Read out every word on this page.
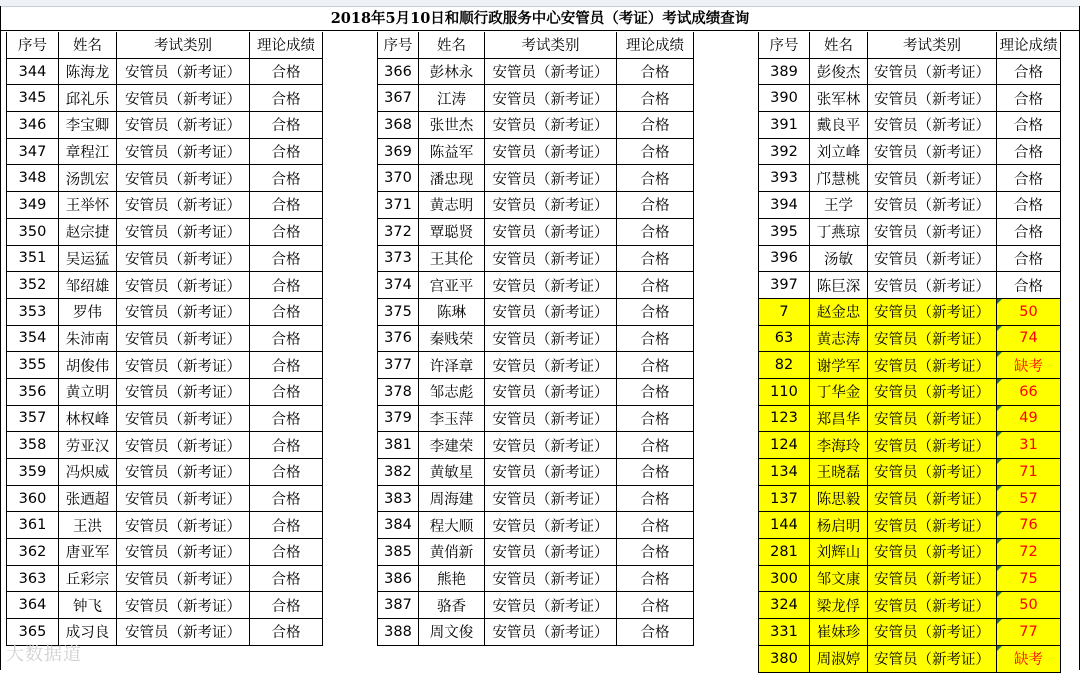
2018年5月10日和顺行政服务中心安管员（考证）考试成绩查询
序号	姓名	考试类别	理论成绩
344 陈海龙 安管员（新考证） 合格
345 邱礼乐 安管员（新考证） 合格
346 李宝卿 安管员（新考证） 合格
347 章程江 安管员（新考证） 合格
348 汤凯宏 安管员（新考证） 合格
349 王举怀 安管员（新考证） 合格
350 赵宗捷 安管员（新考证） 合格
351 吴运猛 安管员（新考证） 合格
352 邹绍雄 安管员（新考证） 合格
353 罗伟 安管员（新考证） 合格
354 朱沛南 安管员（新考证） 合格
355 胡俊伟 安管员（新考证） 合格
356 黄立明 安管员（新考证） 合格
357 林权峰 安管员（新考证） 合格
358 劳亚汉 安管员（新考证） 合格
359 冯炽威 安管员（新考证） 合格
360 张迺超 安管员（新考证） 合格
361 王洪 安管员（新考证） 合格
362 唐亚军 安管员（新考证） 合格
363 丘彩宗 安管员（新考证） 合格
364 钟飞 安管员（新考证） 合格
365 成习良 安管员（新考证） 合格
序号	姓名	考试类别	理论成绩
366 彭林永 安管员（新考证） 合格
367 江涛 安管员（新考证） 合格
368 张世杰 安管员（新考证） 合格
369 陈益军 安管员（新考证） 合格
370 潘忠现 安管员（新考证） 合格
371 黄志明 安管员（新考证） 合格
372 覃聪贤 安管员（新考证） 合格
373 王其伦 安管员（新考证） 合格
374 宫亚平 安管员（新考证） 合格
375 陈琳 安管员（新考证） 合格
376 秦贱荣 安管员（新考证） 合格
377 许泽章 安管员（新考证） 合格
378 邹志彪 安管员（新考证） 合格
379 李玉萍 安管员（新考证） 合格
381 李建荣 安管员（新考证） 合格
382 黄敏星 安管员（新考证） 合格
383 周海建 安管员（新考证） 合格
384 程大顺 安管员（新考证） 合格
385 黄俏新 安管员（新考证） 合格
386 熊艳 安管员（新考证） 合格
387 骆香 安管员（新考证） 合格
388 周文俊 安管员（新考证） 合格
序号	姓名	考试类别	理论成绩
389 彭俊杰 安管员（新考证） 合格
390 张军林 安管员（新考证） 合格
391 戴良平 安管员（新考证） 合格
392 刘立峰 安管员（新考证） 合格
393 邝慧桃 安管员（新考证） 合格
394 王学 安管员（新考证） 合格
395 丁燕琼 安管员（新考证） 合格
396 汤敏 安管员（新考证） 合格
397 陈巨深 安管员（新考证） 合格
7 赵金忠 安管员（新考证） 50
63 黄志涛 安管员（新考证） 74
82 谢学军 安管员（新考证） 缺考
110 丁华金 安管员（新考证） 66
123 郑昌华 安管员（新考证） 49
124 李海玲 安管员（新考证） 31
134 王晓磊 安管员（新考证） 71
137 陈思毅 安管员（新考证） 57
144 杨启明 安管员（新考证） 76
281 刘辉山 安管员（新考证） 72
300 邹文康 安管员（新考证） 75
324 梁龙俘 安管员（新考证） 50
331 崔妹珍 安管员（新考证） 77
380 周淑婷 安管员（新考证） 缺考
大数据道
